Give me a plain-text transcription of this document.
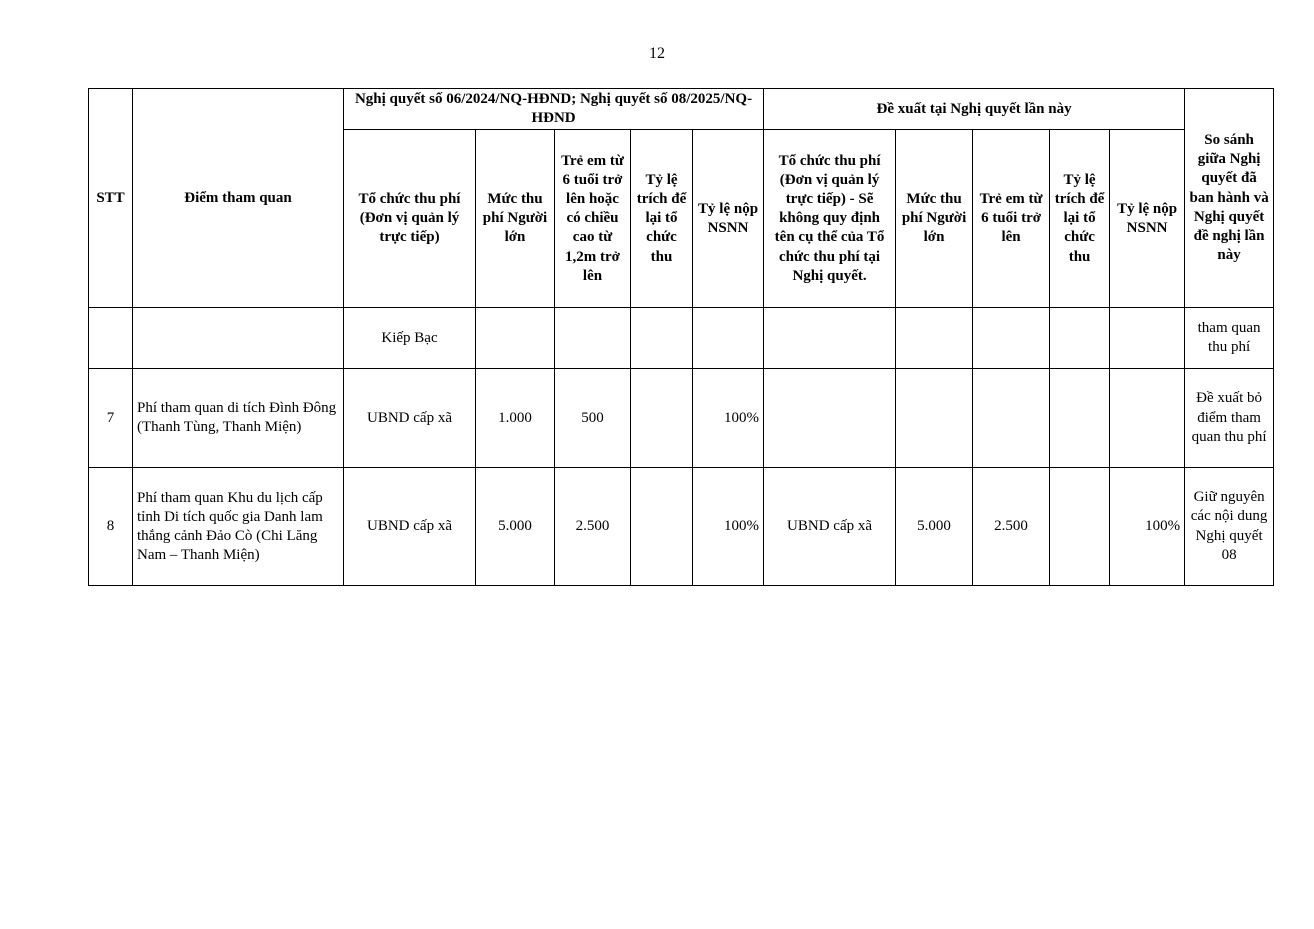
12
STT	Điểm tham quan	Nghị quyết số 06/2024/NQ-HĐND; Nghị quyết số 08/2025/NQ-HĐND					Đề xuất tại Nghị quyết lần này					So sánh giữa Nghị quyết đã ban hành và Nghị quyết đề nghị lần này
		Tổ chức thu phí (Đơn vị quản lý trực tiếp)	Mức thu phí Người lớn	Trẻ em từ 6 tuổi trở lên hoặc có chiều cao từ 1,2m trở lên	Tỷ lệ trích để lại tổ chức thu	Tỷ lệ nộp NSNN	Tổ chức thu phí (Đơn vị quản lý trực tiếp) - Sẽ không quy định tên cụ thể của Tổ chức thu phí tại Nghị quyết.	Mức thu phí Người lớn	Trẻ em từ 6 tuổi trở lên	Tỷ lệ trích để lại tổ chức thu	Tỷ lệ nộp NSNN	
		Kiếp Bạc										tham quan thu phí
7	Phí tham quan di tích Đình Đông (Thanh Tùng, Thanh Miện)	UBND cấp xã	1.000	500		100%						Đề xuất bỏ điểm tham quan thu phí
8	Phí tham quan Khu du lịch cấp tỉnh Di tích quốc gia Danh lam thắng cảnh Đảo Cò (Chi Lăng Nam – Thanh Miện)	UBND cấp xã	5.000	2.500		100%	UBND cấp xã	5.000	2.500		100%	Giữ nguyên các nội dung Nghị quyết 08
